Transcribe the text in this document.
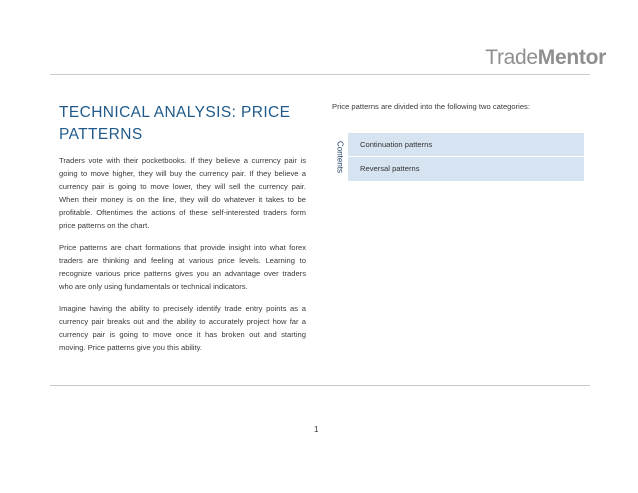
TradeMentor
TECHNICAL ANALYSIS: PRICE PATTERNS

Traders vote with their pocketbooks. If they believe a currency pair is going to move higher, they will buy the currency pair. If they believe a currency pair is going to move lower, they will sell the currency pair. When their money is on the line, they will do whatever it takes to be profitable. Oftentimes the actions of these self-interested traders form price patterns on the chart.

Price patterns are chart formations that provide insight into what forex traders are thinking and feeling at various price levels. Learning to recognize various price patterns gives you an advantage over traders who are only using fundamentals or technical indicators.

Imagine having the ability to precisely identify trade entry points as a currency pair breaks out and the ability to accurately project how far a currency pair is going to move once it has broken out and starting moving. Price patterns give you this ability.

Price patterns are divided into the following two categories:
Contents	Continuation patterns
Reversal patterns
1
